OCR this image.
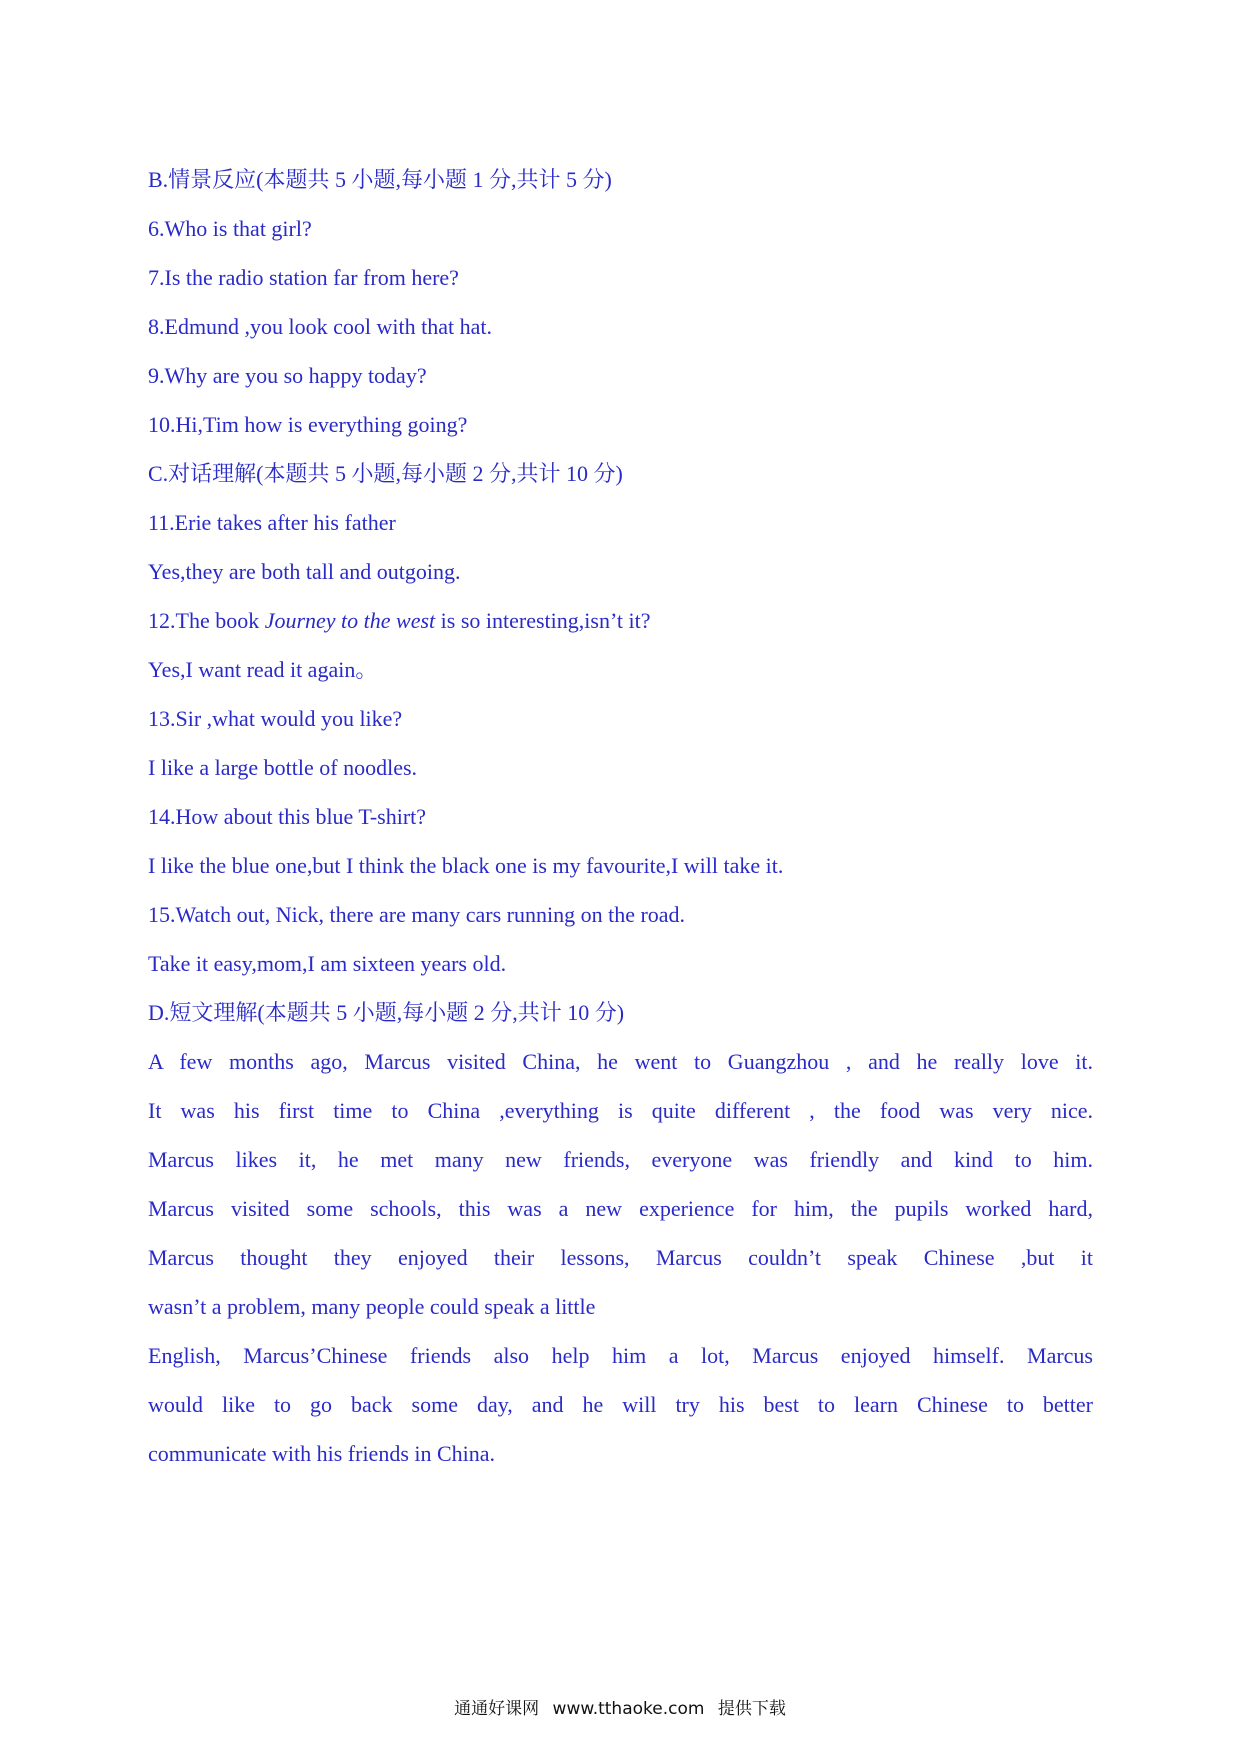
B.情景反应(本题共 5 小题,每小题 1 分,共计 5 分)
6.Who is that girl?
7.Is the radio station far from here?
8.Edmund ,you look cool with that hat.
9.Why are you so happy today?
10.Hi,Tim how is everything going?
C.对话理解(本题共 5 小题,每小题 2 分,共计 10 分)
11.Erie takes after his father
Yes,they are both tall and outgoing.
12.The book Journey to the west is so interesting,isn’t it?
Yes,I want read it again。
13.Sir ,what would you like?
I like a large bottle of noodles.
14.How about this blue T-shirt?
I like the blue one,but I think the black one is my favourite,I will take it.
15.Watch out, Nick, there are many cars running on the road.
Take it easy,mom,I am sixteen years old.
D.短文理解(本题共 5 小题,每小题 2 分,共计 10 分)
A few months ago, Marcus visited China, he went to Guangzhou , and he really love it.
It was his first time to China ,everything is quite different , the food was very nice.
Marcus likes it, he met many new friends, everyone was friendly and kind to him.
Marcus visited some schools, this was a new experience for him, the pupils worked hard,
Marcus thought they enjoyed their lessons, Marcus couldn’t speak Chinese ,but it
wasn’t a problem, many people could speak a little
English, Marcus’Chinese friends also help him a lot, Marcus enjoyed himself. Marcus
would like to go back some day, and he will try his best to learn Chinese to better
communicate with his friends in China.
通通好课网 www.tthaoke.com 提供下载
